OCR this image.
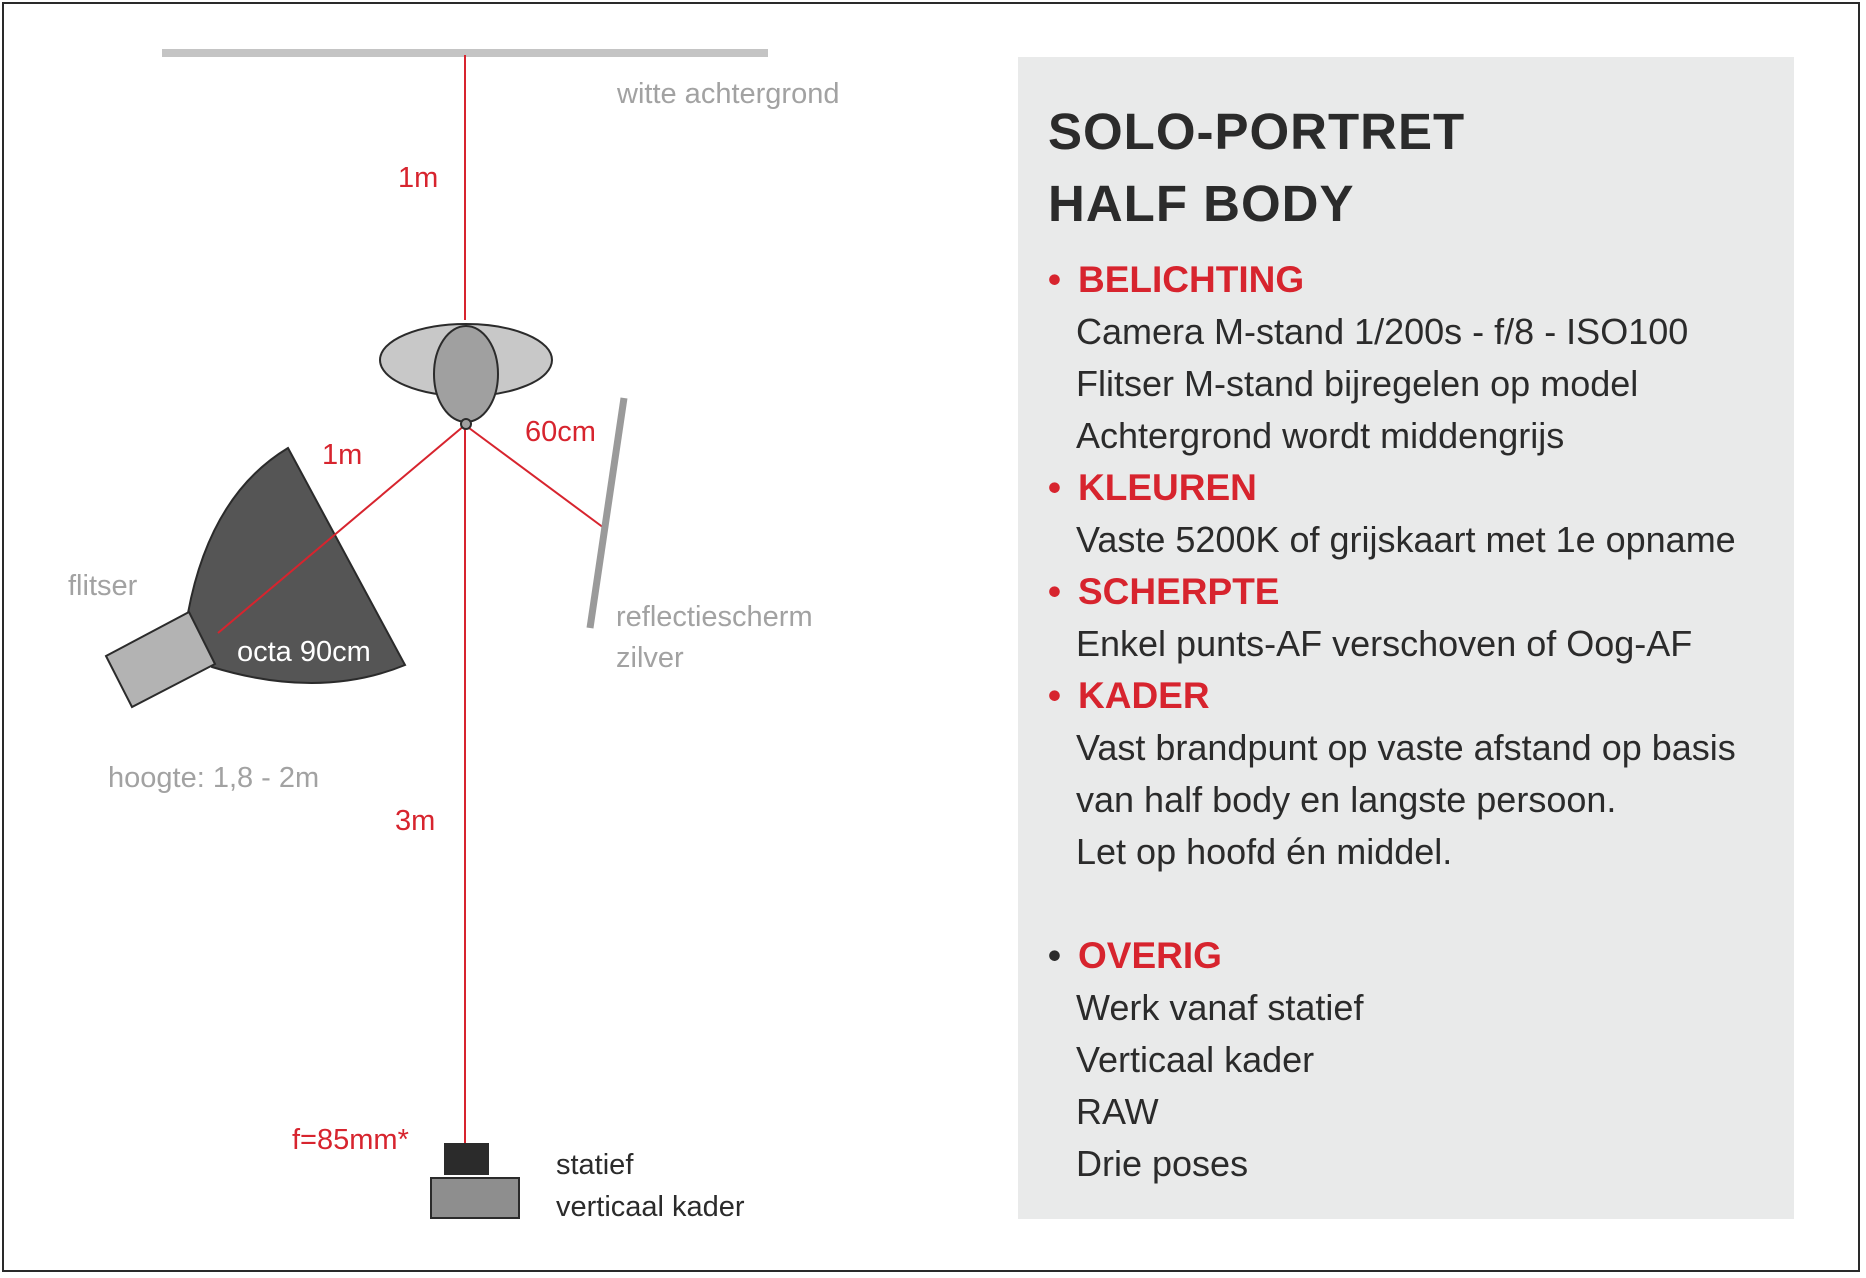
witte achtergrond
1m
1m
60cm
flitser
octa 90cm
hoogte: 1,8 - 2m
reflectiescherm
zilver
3m
f=85mm*
statief
verticaal kader
SOLO-PORTRET
HALF BODY
• BELICHTING
Camera M-stand 1/200s - f/8 - ISO100
Flitser M-stand bijregelen op model
Achtergrond wordt middengrijs
• KLEUREN
Vaste 5200K of grijskaart met 1e opname
• SCHERPTE
Enkel punts-AF verschoven of Oog-AF
• KADER
Vast brandpunt op vaste afstand op basis
van half body en langste persoon.
Let op hoofd én middel.
• OVERIG
Werk vanaf statief
Verticaal kader
RAW
Drie poses
